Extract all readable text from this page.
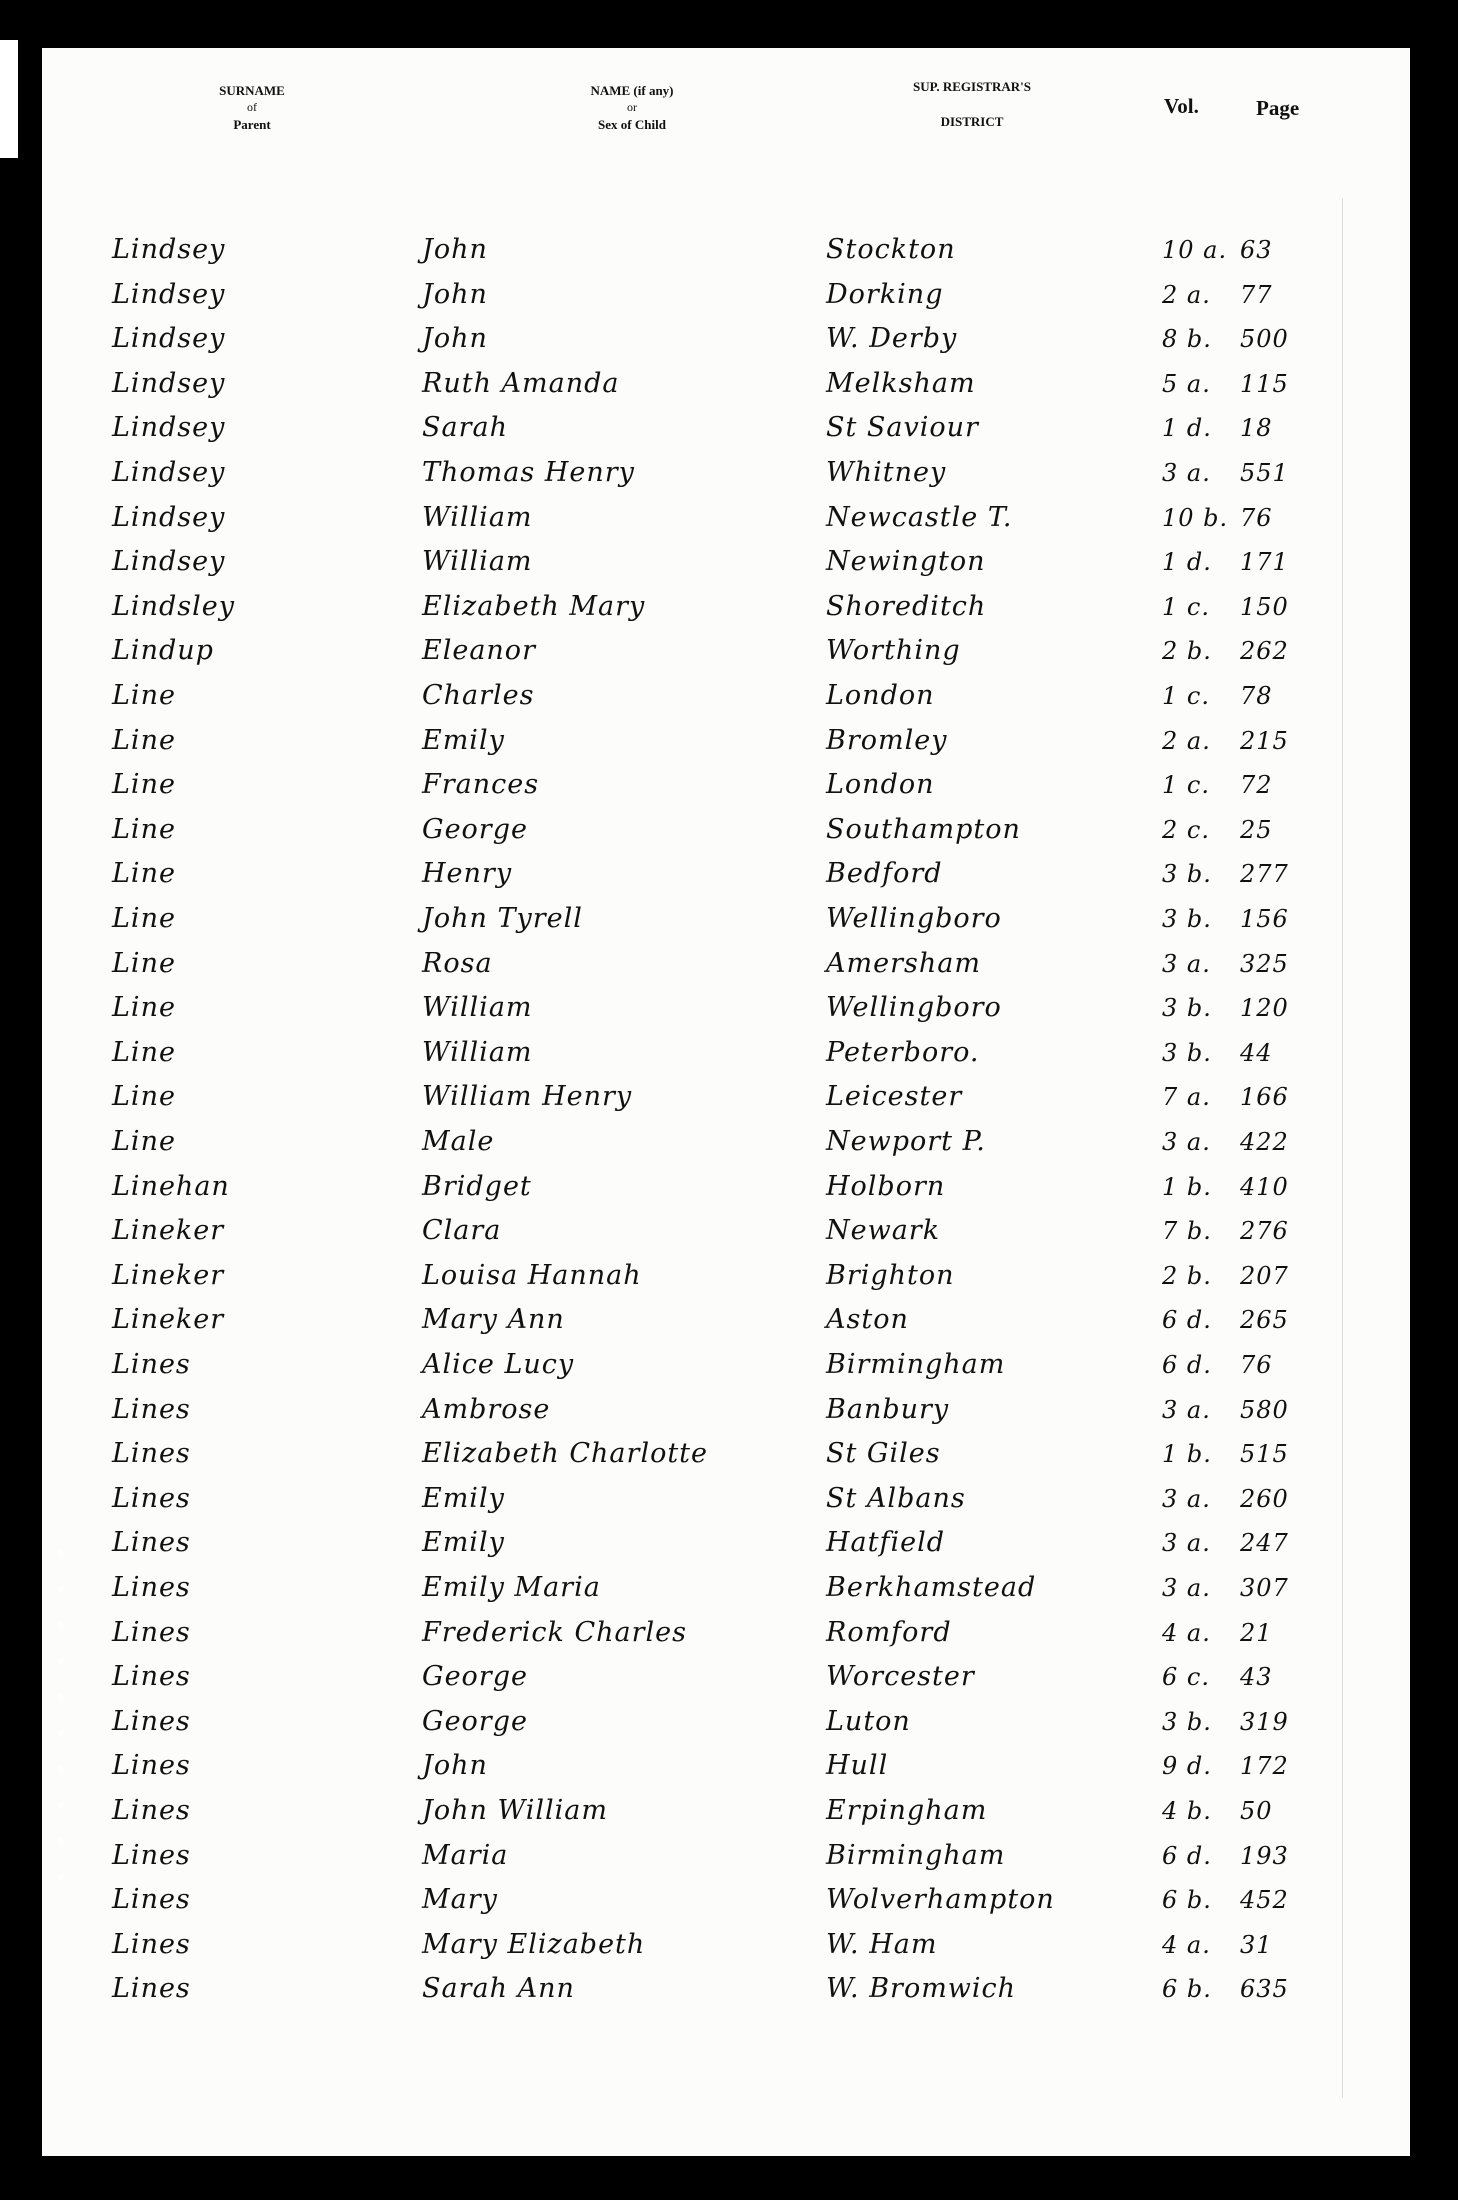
SURNAME
of
Parent
NAME (if any)
or
Sex of Child
SUP. REGISTRAR'S
DISTRICT
Vol.	Page
Lindsey	John	Stockton	10 a. 63
Lindsey	John	Dorking	2 a.	77
Lindsey	John	W. Derby	8 b.	500
Lindsey	Ruth Amanda	Melksham	5 a.	115
Lindsey	Sarah	St Saviour	1 d.	18
Lindsey	Thomas Henry	Whitney	3 a.	551
Lindsey	William	Newcastle T.	10 b. 76
Lindsey	William	Newington	1 d.	171
Lindsley	Elizabeth Mary	Shoreditch	1 c.	150
Lindup	Eleanor	Worthing	2 b.	262
Line	Charles	London	1 c.	78
Line	Emily	Bromley	2 a.	215
Line	Frances	London	1 c.	72
Line	George	Southampton	2 c.	25
Line	Henry	Bedford	3 b.	277
Line	John Tyrell	Wellingboro	3 b.	156
Line	Rosa	Amersham	3 a.	325
Line	William	Wellingboro	3 b.	120
Line	William	Peterboro.	3 b.	44
Line	William Henry	Leicester	7 a.	166
Line	Male	Newport P.	3 a.	422
Linehan	Bridget	Holborn	1 b.	410
Lineker	Clara	Newark	7 b.	276
Lineker	Louisa Hannah	Brighton	2 b.	207
Lineker	Mary Ann	Aston	6 d.	265
Lines	Alice Lucy	Birmingham	6 d.	76
Lines	Ambrose	Banbury	3 a.	580
Lines	Elizabeth Charlotte	St Giles	1 b.	515
Lines	Emily	St Albans	3 a.	260
Lines	Emily	Hatfield	3 a.	247
Lines	Emily Maria	Berkhamstead	3 a.	307
Lines	Frederick Charles	Romford	4 a.	21
Lines	George	Worcester	6 c.	43
Lines	George	Luton	3 b.	319
Lines	John	Hull	9 d.	172
Lines	John William	Erpingham	4 b.	50
Lines	Maria	Birmingham	6 d.	193
Lines	Mary	Wolverhampton	6 b.	452
Lines	Mary Elizabeth	W. Ham	4 a.	31
Lines	Sarah Ann	W. Bromwich	6 b.	635
